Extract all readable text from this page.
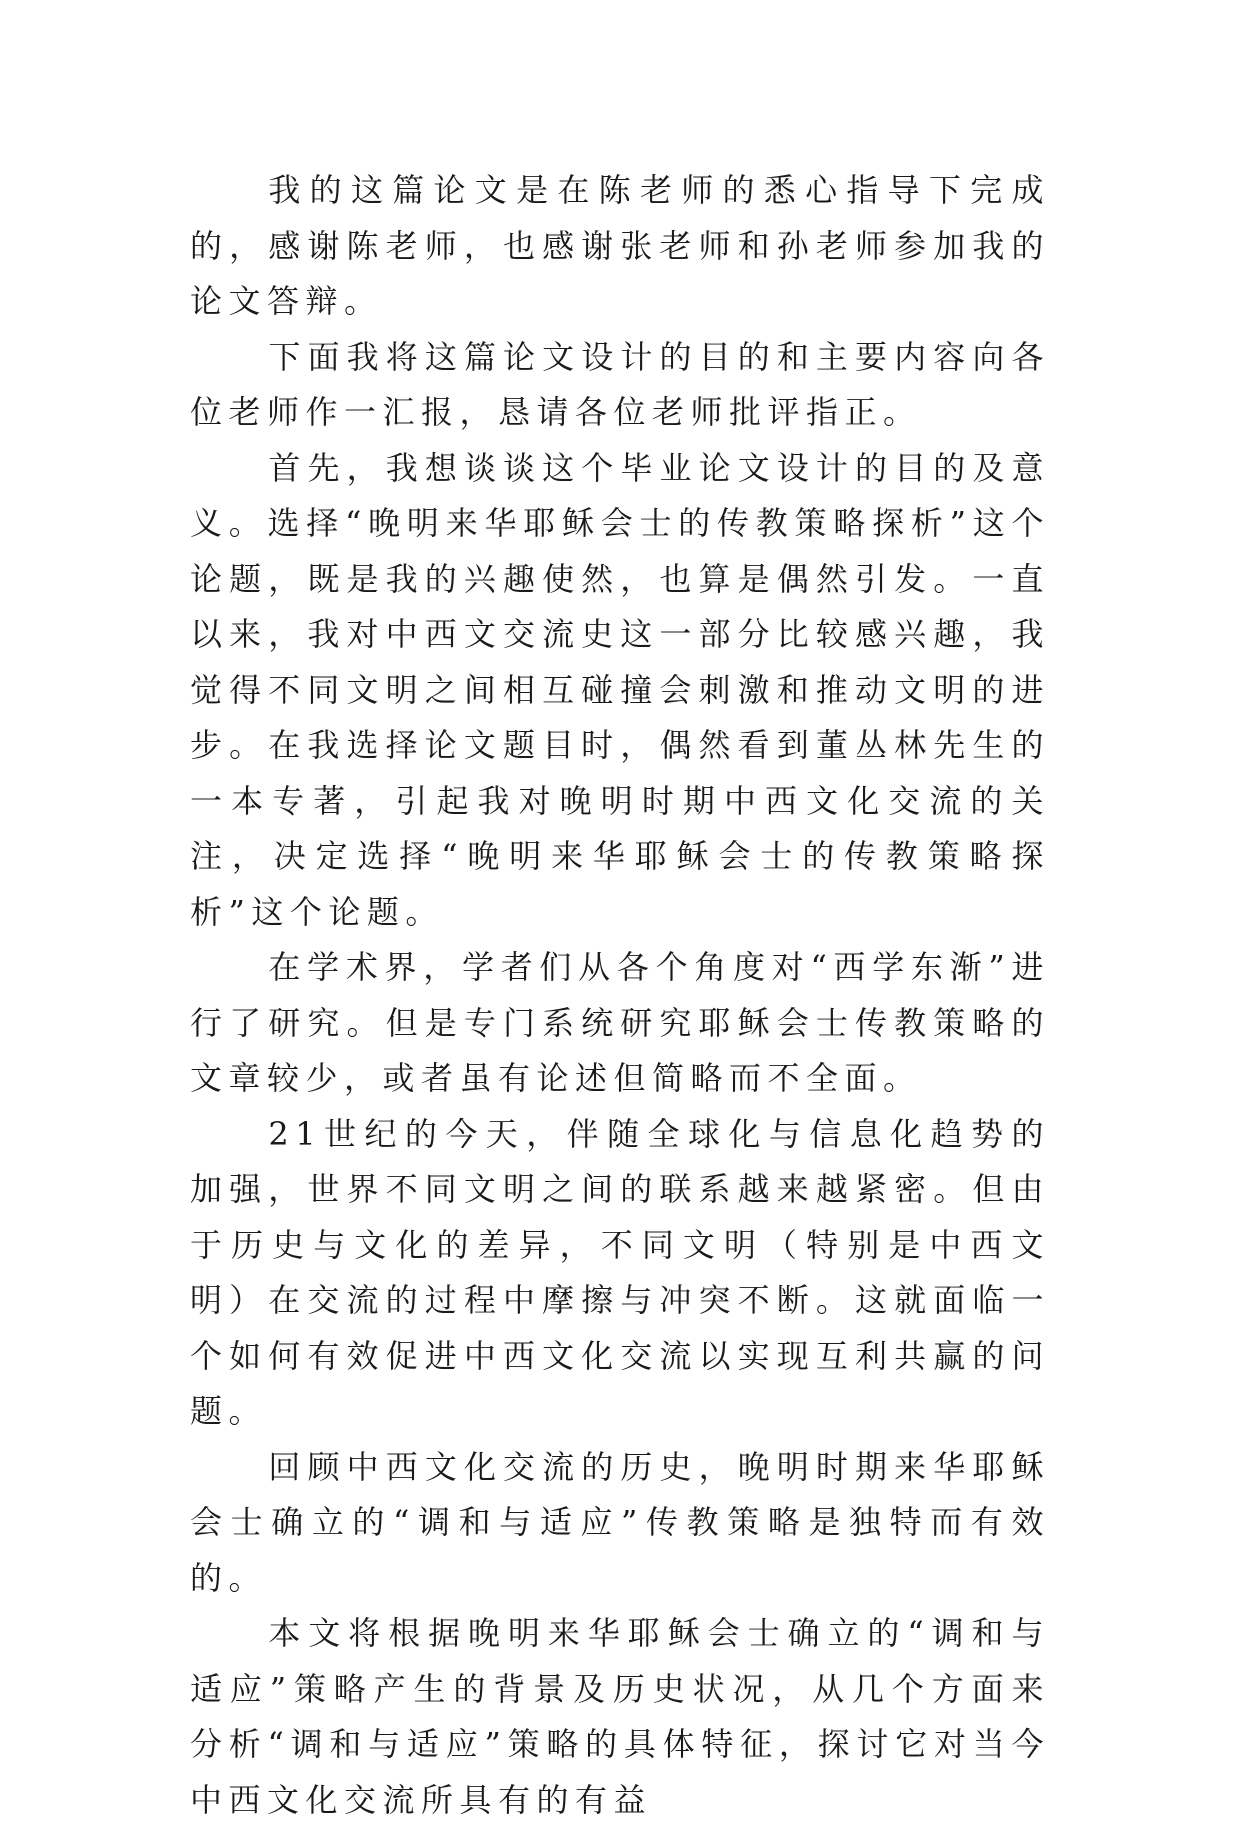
我的这篇论文是在陈老师的悉心指导下完成的，感谢陈老师，也感谢张老师和孙老师参加我的论文答辩。

下面我将这篇论文设计的目的和主要内容向各位老师作一汇报，恳请各位老师批评指正。

首先，我想谈谈这个毕业论文设计的目的及意义。选择“晚明来华耶稣会士的传教策略探析”这个论题，既是我的兴趣使然，也算是偶然引发。一直以来，我对中西文交流史这一部分比较感兴趣，我觉得不同文明之间相互碰撞会刺激和推动文明的进步。在我选择论文题目时，偶然看到董丛林先生的一本专著，引起我对晚明时期中西文化交流的关注，决定选择“晚明来华耶稣会士的传教策略探析”这个论题。

在学术界，学者们从各个角度对“西学东渐”进行了研究。但是专门系统研究耶稣会士传教策略的文章较少，或者虽有论述但简略而不全面。

21世纪的今天，伴随全球化与信息化趋势的加强，世界不同文明之间的联系越来越紧密。但由于历史与文化的差异，不同文明（特别是中西文明）在交流的过程中摩擦与冲突不断。这就面临一个如何有效促进中西文化交流以实现互利共赢的问题。

回顾中西文化交流的历史，晚明时期来华耶稣会士确立的“调和与适应”传教策略是独特而有效的。

本文将根据晚明来华耶稣会士确立的“调和与适应”策略产生的背景及历史状况，从几个方面来分析“调和与适应”策略的具体特征，探讨它对当今中西文化交流所具有的有益
